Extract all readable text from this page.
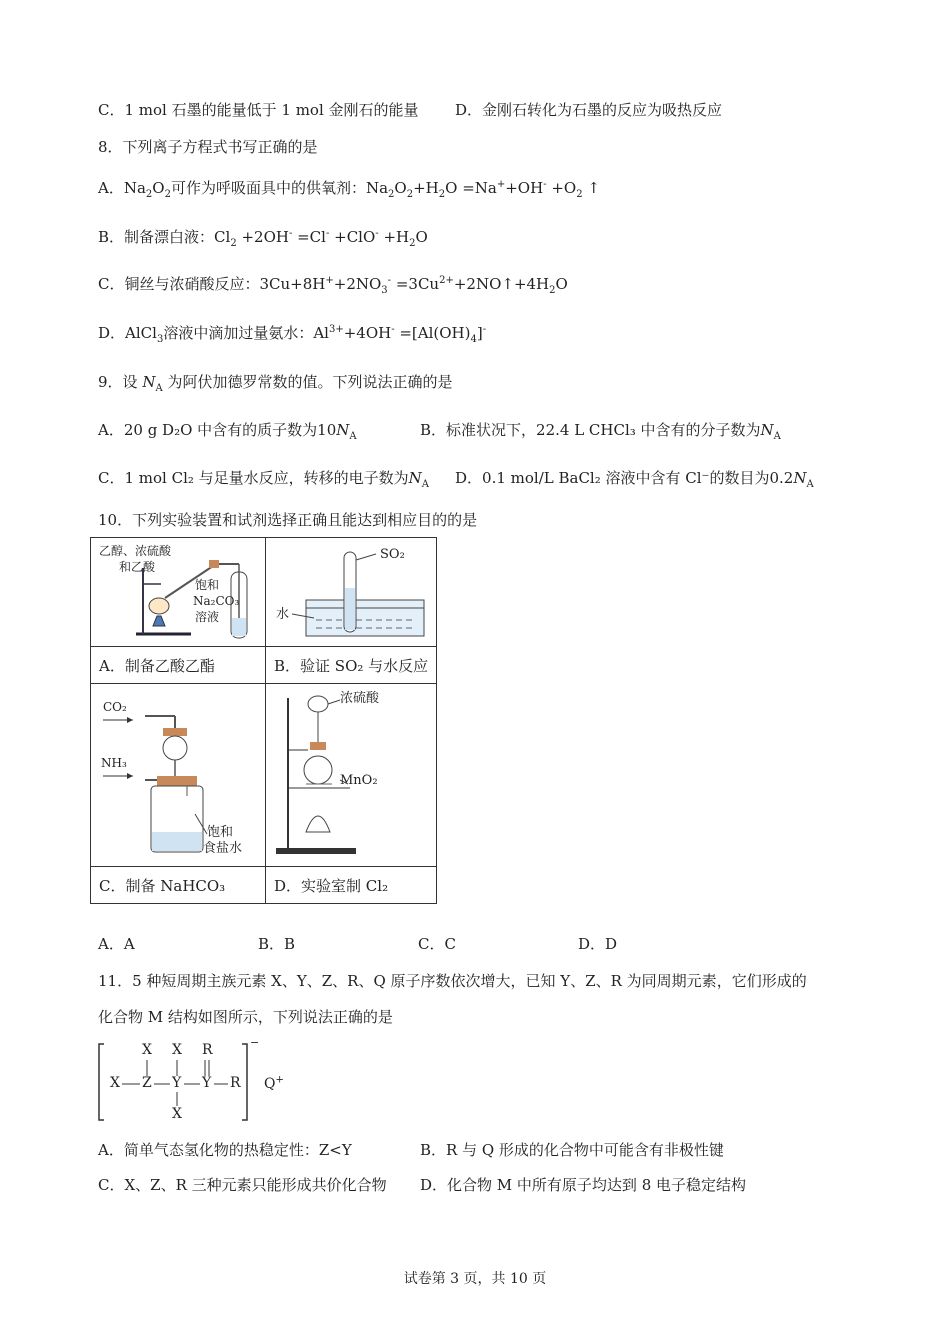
C．1 mol 石墨的能量低于 1 mol 金刚石的能量 D．金刚石转化为石墨的反应为吸热反应
8．下列离子方程式书写正确的是
A．$Na_2O_2$可作为呼吸面具中的供氧剂：$Na_2O_2+H_2O =Na^++OH^- +O_2$ ↑
B．制备漂白液：$Cl_2 +2OH^- =Cl^- +ClO^- +H_2O$
C．铜丝与浓硝酸反应：$3Cu+8H^++2NO_3^-$ $=3Cu^{2+}+2NO↑+4H_2O$
D．AlCl$_3$溶液中滴加过量氨水：$Al^{3+}+4OH^- =[Al(OH)_4]^-$
9．设 $N_A$ 为阿伏加德罗常数的值。下列说法正确的是
A．20 g D₂O 中含有的质子数为$10N_A$	B．标准状况下，22.4 L CHCl₃ 中含有的分子数为$N_A$
C．1 mol Cl₂ 与足量水反应，转移的电子数为$N_A$ D．0.1 mol/L BaCl₂ 溶液中含有 Cl⁻的数目为$0.2N_A$
10．下列实验装置和试剂选择正确且能达到相应目的的是
乙醇、浓硫酸
和乙酸
饱和
Na₂CO₃
溶液	SO₂
水

A．制备乙酸乙酯	B．验证 SO₂ 与水反应

CO₂
NH₃
饱和
食盐水	浓硫酸
MnO₂

C．制备 NaHCO₃	D．实验室制 Cl₂
A．A	B．B	C．C	D．D
11．5 种短周期主族元素 X、Y、Z、R、Q 原子序数依次增大，已知 Y、Z、R 为同周期元素，它们形成的
化合物 M 结构如图所示，下列说法正确的是
X X R
X Z Y Y R
X
−
Q+
A．简单气态氢化物的热稳定性：Z<Y	B．R 与 Q 形成的化合物中可能含有非极性键
C．X、Z、R 三种元素只能形成共价化合物 D．化合物 M 中所有原子均达到 8 电子稳定结构
试卷第 3 页，共 10 页
